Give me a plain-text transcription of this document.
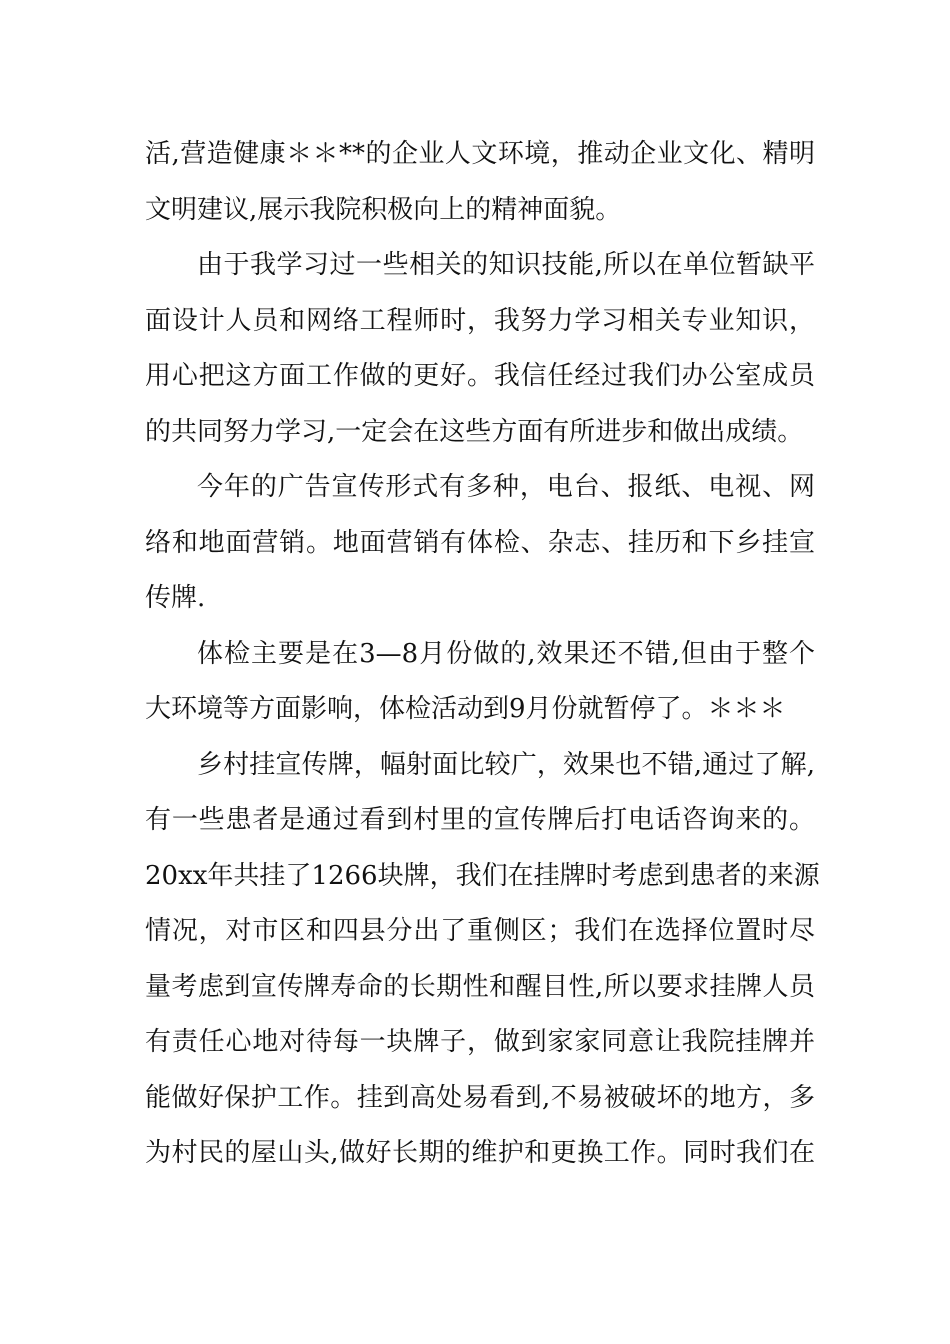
活,营造健康＊＊**的企业人文环境，推动企业文化、精明
文明建议,展示我院积极向上的精神面貌。
由于我学习过一些相关的知识技能,所以在单位暂缺平
面设计人员和网络工程师时，我努力学习相关专业知识，
用心把这方面工作做的更好。我信任经过我们办公室成员
的共同努力学习,一定会在这些方面有所进步和做出成绩。
今年的广告宣传形式有多种，电台、报纸、电视、网
络和地面营销。地面营销有体检、杂志、挂历和下乡挂宣
传牌.
体检主要是在3—8月份做的,效果还不错,但由于整个
大环境等方面影响，体检活动到9月份就暂停了。＊＊＊
乡村挂宣传牌，幅射面比较广，效果也不错,通过了解,
有一些患者是通过看到村里的宣传牌后打电话咨询来的。
20xx年共挂了1266块牌，我们在挂牌时考虑到患者的来源
情况，对市区和四县分出了重侧区；我们在选择位置时尽
量考虑到宣传牌寿命的长期性和醒目性,所以要求挂牌人员
有责任心地对待每一块牌子，做到家家同意让我院挂牌并
能做好保护工作。挂到高处易看到,不易被破坏的地方，多
为村民的屋山头,做好长期的维护和更换工作。同时我们在
